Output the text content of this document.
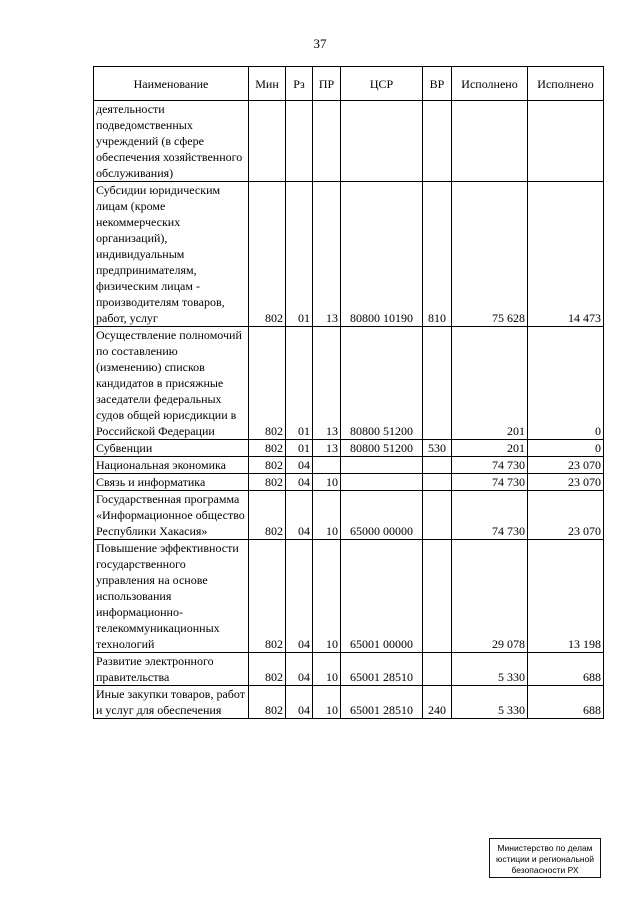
37
Наименование	Мин	Рз	ПР	ЦСР	ВР	Исполнено	Исполнено
деятельности подведомственных учреждений (в сфере обеспечения хозяйственного обслуживания)							
Субсидии юридическим лицам (кроме некоммерческих организаций), индивидуальным предпринимателям, физическим лицам - производителям товаров, работ, услуг	802	01	13	80800 10190	810	75 628	14 473
Осуществление полномочий по составлению (изменению) списков кандидатов в присяжные заседатели федеральных судов общей юрисдикции в Российской Федерации	802	01	13	80800 51200		201	0
Субвенции	802	01	13	80800 51200	530	201	0
Национальная экономика	802	04				74 730	23 070
Связь и информатика	802	04	10			74 730	23 070
Государственная программа «Информационное общество Республики Хакасия»	802	04	10	65000 00000		74 730	23 070
Повышение эффективности государственного управления на основе использования информационно-телекоммуникационных технологий	802	04	10	65001 00000		29 078	13 198
Развитие электронного правительства	802	04	10	65001 28510		5 330	688
Иные закупки товаров, работ и услуг для обеспечения	802	04	10	65001 28510	240	5 330	688
Министерство по делам
юстиции и региональной
безопасности РХ
